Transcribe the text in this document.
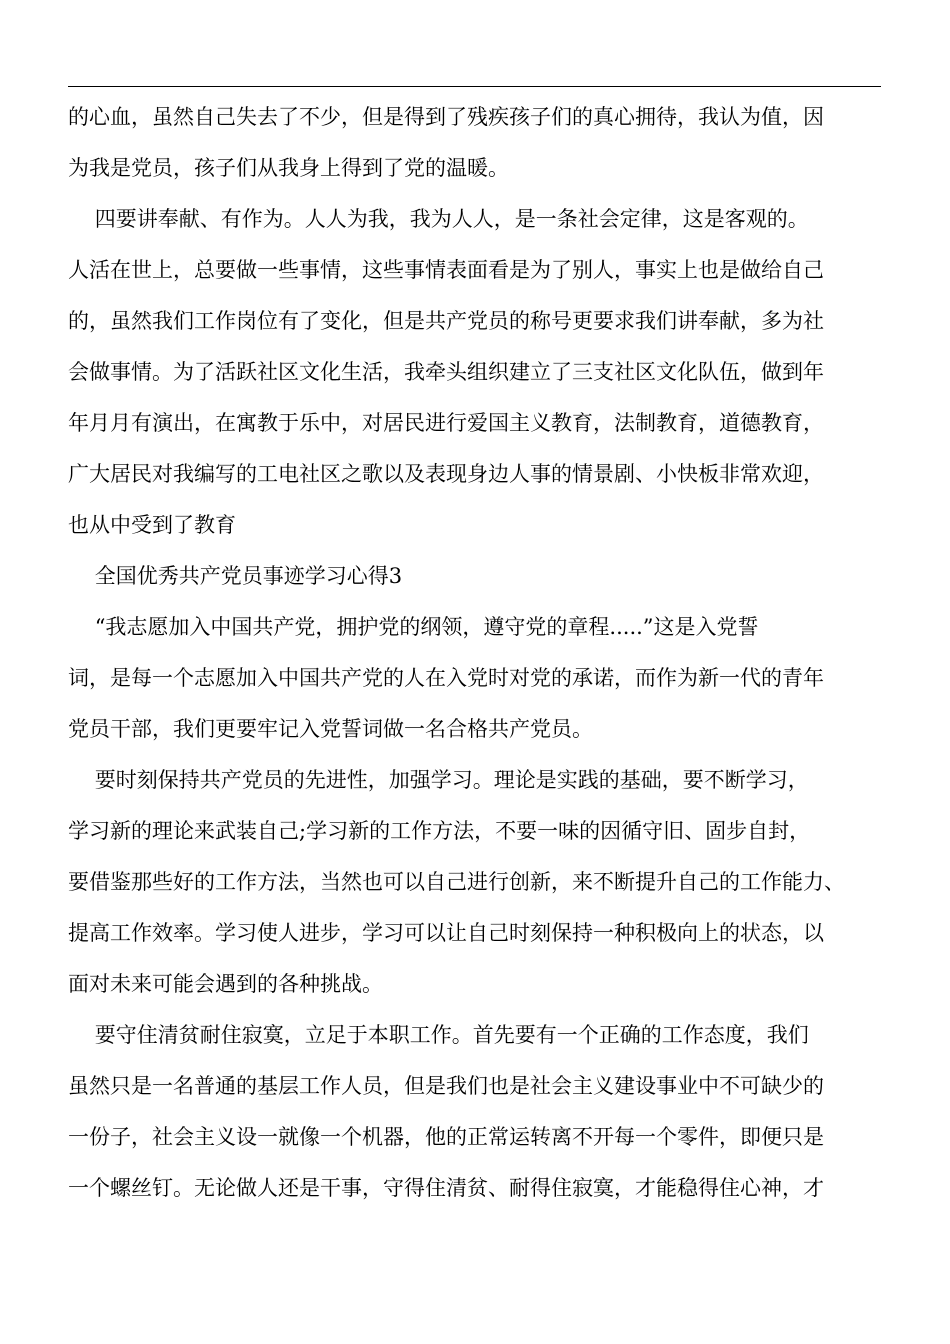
的心血，虽然自己失去了不少，但是得到了残疾孩子们的真心拥待，我认为值，因
为我是党员，孩子们从我身上得到了党的温暖。
四要讲奉献、有作为。人人为我，我为人人，是一条社会定律，这是客观的。
人活在世上，总要做一些事情，这些事情表面看是为了别人，事实上也是做给自己
的，虽然我们工作岗位有了变化，但是共产党员的称号更要求我们讲奉献，多为社
会做事情。为了活跃社区文化生活，我牵头组织建立了三支社区文化队伍，做到年
年月月有演出，在寓教于乐中，对居民进行爱国主义教育，法制教育，道德教育，
广大居民对我编写的工电社区之歌以及表现身边人事的情景剧、小快板非常欢迎，
也从中受到了教育
全国优秀共产党员事迹学习心得3
“我志愿加入中国共产党，拥护党的纲领，遵守党的章程.....”这是入党誓
词，是每一个志愿加入中国共产党的人在入党时对党的承诺，而作为新一代的青年
党员干部，我们更要牢记入党誓词做一名合格共产党员。
要时刻保持共产党员的先进性，加强学习。理论是实践的基础，要不断学习，
学习新的理论来武装自己;学习新的工作方法，不要一味的因循守旧、固步自封，
要借鉴那些好的工作方法，当然也可以自己进行创新，来不断提升自己的工作能力、
提高工作效率。学习使人进步，学习可以让自己时刻保持一种积极向上的状态，以
面对未来可能会遇到的各种挑战。
要守住清贫耐住寂寞，立足于本职工作。首先要有一个正确的工作态度，我们
虽然只是一名普通的基层工作人员，但是我们也是社会主义建设事业中不可缺少的
一份子，社会主义设一就像一个机器，他的正常运转离不开每一个零件，即便只是
一个螺丝钉。无论做人还是干事，守得住清贫、耐得住寂寞，才能稳得住心神，才
